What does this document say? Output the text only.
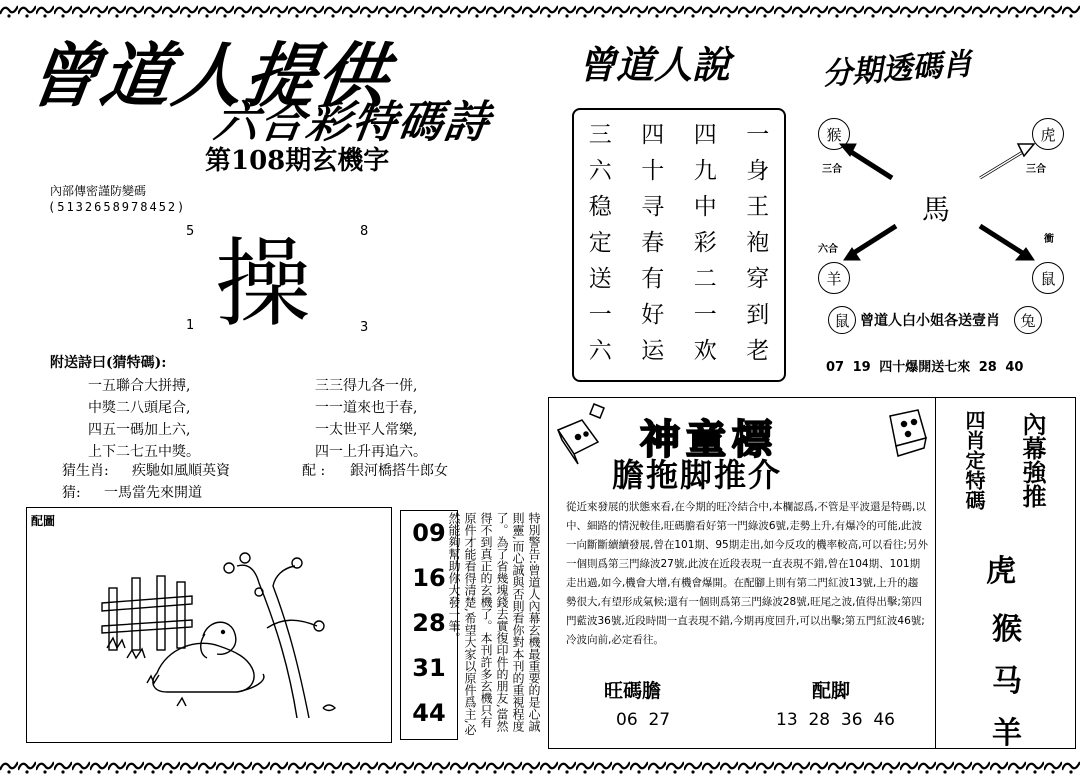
曾道人提供
六合彩特碼詩
第108期玄機字
內部傳密謹防變碼
(5132658978452)
5	8
操
1	3
附送詩曰(猜特碼):
一五聯合大拼搏,
中獎二八頭尾合,
四五一碼加上六,
上下二七五中獎。
三三得九各一併,
一一道來也于春,
一太世平人常樂,
四一上升再追六。
猜生肖: 疾馳如風順英資	配 : 銀河橋搭牛郎女
猜: 一馬當先來開道
配圖	09
16
28
31
44	特別警告:曾道人內幕玄機最重要的是心誠則靈,而心誠與否則看你對本刊的重視程度了。為了省幾塊錢去實復印件的朋友,當然得不到真正的玄機了。本刊許多玄機只有原件才能看得清楚,希望大家以原件爲主,必然能夠幫助你大發一筆。
曾道人說
三	四	四	一
六	十	九	身
稳	寻	中	王
定	春	彩	袍
送	有	二	穿
一	好	一	到
六	运	欢	老
分期透碼肖
猴	虎
馬
羊	鼠
三合	三合
六合
衝
鼠 曾道人白小姐各送壹肖	兔
07 19 四十爆開送七來 28 40
神童標
膽拖脚推介
從近來發展的狀態來看,在今期的旺冷結合中,本欄認爲,不管是平波還是特碼,以中、細路的情況較佳,旺碼膽看好第一門綠波6號,走勢上升,有爆冷的可能,此波一向斷斷續續發展,曾在101期、95期走出,如今反攻的機率較高,可以看往;另外一個則爲第三門綠波27號,此波在近段表現一直表現不錯,曾在104期、101期走出過,如今,機會大增,有機會爆開。在配腳上則有第二門紅波13號,上升的趨勢很大,有望形成氣候;還有一個則爲第三門綠波28號,旺尾之波,值得出擊;第四門藍波36號,近段時間一直表現不錯,今期再度回升,可以出擊;第五門紅波46號;冷波向前,必定看往。
旺碼膽	配脚
06  27	13  28  36  46
四肖定特碼 內幕強推
虎
猴
马
羊
